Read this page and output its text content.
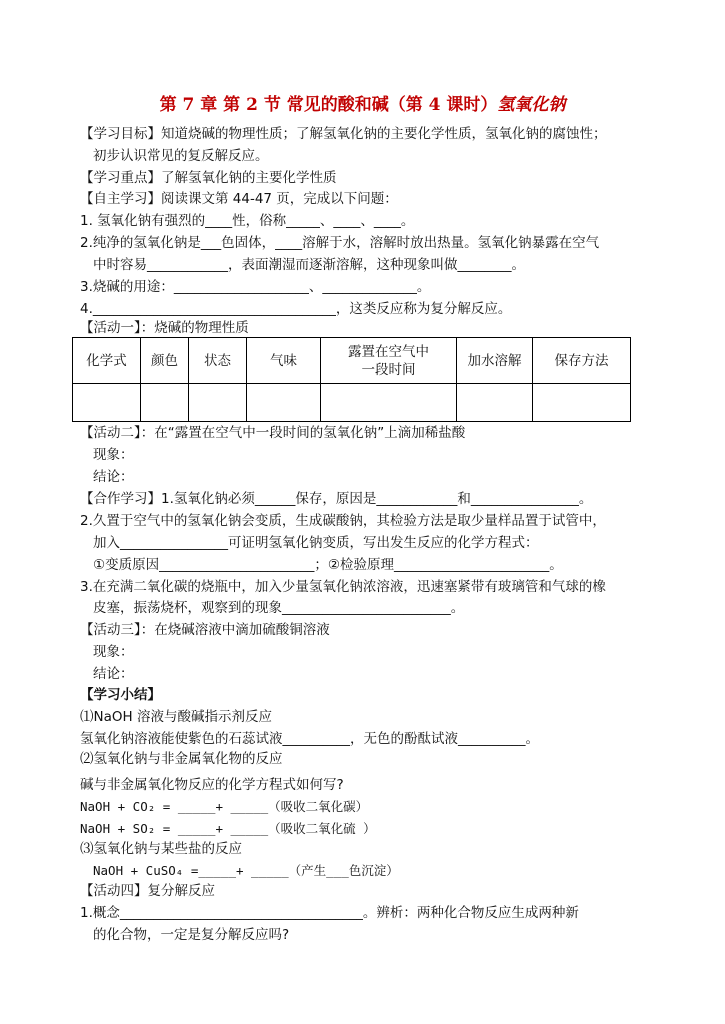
第 7 章 第 2 节 常见的酸和碱（第 4 课时）氢氧化钠
【学习目标】知道烧碱的物理性质；了解氢氧化钠的主要化学性质，氢氧化钠的腐蚀性；
初步认识常见的复反解反应。
【学习重点】了解氢氧化钠的主要化学性质
【自主学习】阅读课文第 44-47 页，完成以下问题：
1. 氢氧化钠有强烈的____性，俗称_____、____、____。
2.纯净的氢氧化钠是___色固体，____溶解于水，溶解时放出热量。氢氧化钠暴露在空气
中时容易____________，表面潮湿而逐渐溶解，这种现象叫做________。
3.烧碱的用途：____________________、______________。
4.____________________________________，这类反应称为复分解反应。
【活动一】：烧碱的物理性质
化学式	颜色	状态	气味	露置在空气中
一段时间	加水溶解	保存方法

【活动二】：在“露置在空气中一段时间的氢氧化钠”上滴加稀盐酸
现象：
结论：
【合作学习】1.氢氧化钠必须______保存，原因是____________和________________。
2.久置于空气中的氢氧化钠会变质，生成碳酸钠，其检验方法是取少量样品置于试管中，
加入________________可证明氢氧化钠变质，写出发生反应的化学方程式：
①变质原因_______________________；②检验原理_______________________。
3.在充满二氧化碳的烧瓶中，加入少量氢氧化钠浓溶液，迅速塞紧带有玻璃管和气球的橡
皮塞，振荡烧杯，观察到的现象_________________________。
【活动三】：在烧碱溶液中滴加硫酸铜溶液
现象：
结论：
【学习小结】
⑴NaOH 溶液与酸碱指示剂反应
氢氧化钠溶液能使紫色的石蕊试液__________，无色的酚酞试液__________。
⑵氢氧化钠与非金属氧化物的反应
碱与非金属氧化物反应的化学方程式如何写?
NaOH + CO₂ = _____+ _____（吸收二氧化碳）
NaOH + SO₂ = _____+ _____（吸收二氧化硫 ）
⑶氢氧化钠与某些盐的反应
NaOH + CuSO₄ =_____+ _____（产生___色沉淀）
【活动四】复分解反应
1.概念____________________________________。辨析：两种化合物反应生成两种新
的化合物，一定是复分解反应吗?
